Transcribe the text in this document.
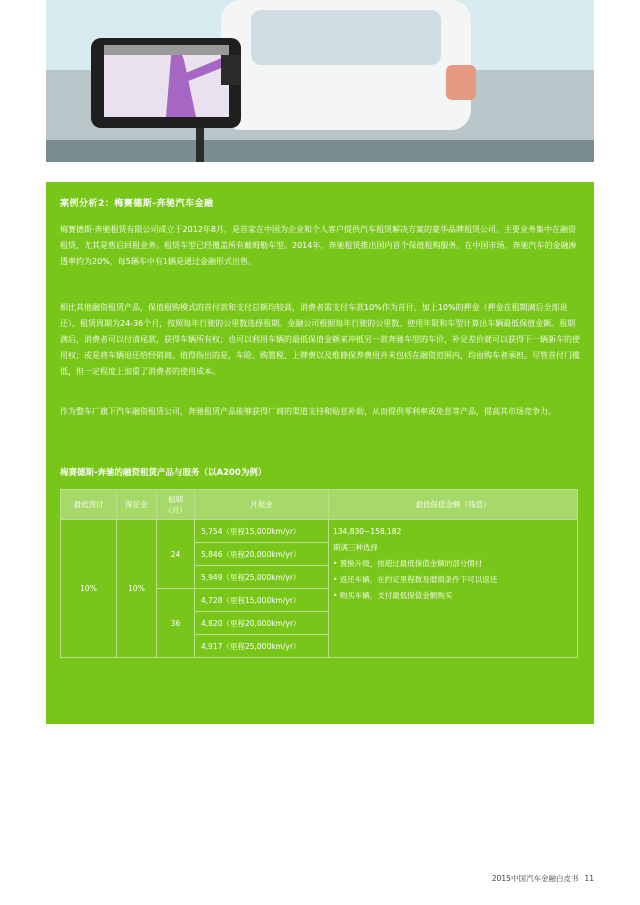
案例分析2：梅赛德斯-奔驰汽车金融

梅赛德斯·奔驰租赁有限公司成立于2012年8月，是首家在中国为企业和个人客户提供汽车租赁解决方案的豪华品牌租赁公司。主要业务集中在融资租赁，尤其是售后回租业务。租赁车型已经覆盖所有戴姆勒车型。2014年，奔驰租赁推出国内首个保值租购服务。在中国市场，奔驰汽车的金融渗透率约为20%，每5辆车中有1辆是通过金融形式出售。

相比其他融资租赁产品，保值租购模式的首付款和支付总额均较高，消费者需支付车款10%作为首付，加上10%的押金（押金在租期满后全部退还），租赁周期为24-36个月，按照每年行驶的公里数选择租期。金融公司根据每年行驶的公里数、使用年限和车型计算出车辆最低保值金额。租期满后，消费者可以付清尾款，获得车辆所有权；也可以利用车辆的最低保值金额来冲抵另一款奔驰车型的车价，补足差价就可以获得下一辆新车的使用权；或是将车辆退还给经销商。值得指出的是，车险、购置税、上牌费以及维修保养费用并未包括在融资范围内，均由购车者承担。尽管首付门槛低，但一定程度上加重了消费者的使用成本。

作为整车厂旗下汽车融资租赁公司，奔驰租赁产品能够获得厂商的渠道支持和贴息补助，从而提供零利率或免息等产品，提高其市场竞争力。

梅赛德斯-奔驰的融资租赁产品与服务（以A200为例）
最低预付	保证金	租期（月）	月租金	最低保值金额（残值）
10%	10%	24	5,754（里程15,000km/yr）	134,830~158,182
期满三种选择
• 置换升级，按超过最低保值金额的部分惯付
• 返还车辆，在约定里程数及磨损条件下可以返还
• 购买车辆，支付最低保值金额购买

			5,846（里程20,000km/yr）	
			5,949（里程25,000km/yr）	
		36	4,728（里程15,000km/yr）	
			4,820（里程20,000km/yr）	
			4,917（里程25,000km/yr）	
2015中国汽车金融白皮书 11
